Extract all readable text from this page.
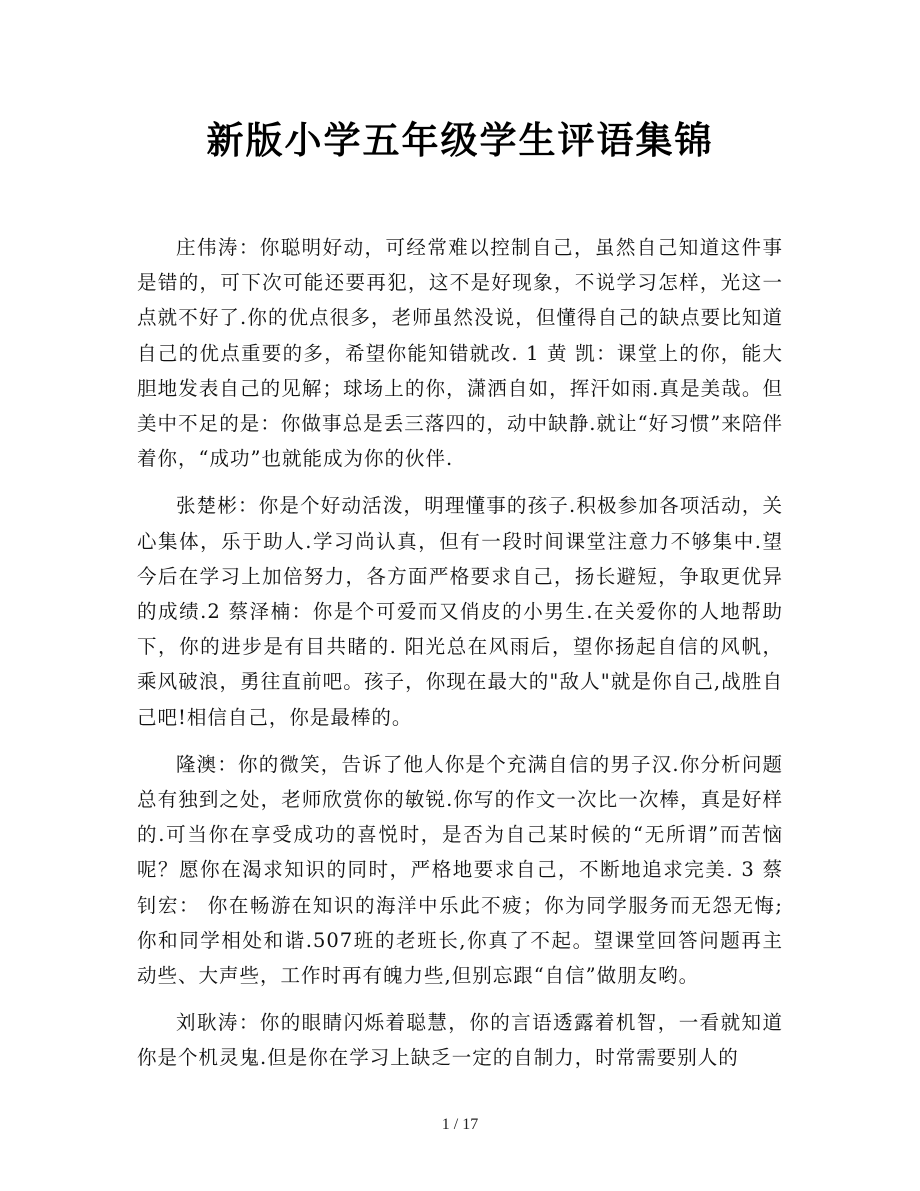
新版小学五年级学生评语集锦

庄伟涛：你聪明好动，可经常难以控制自己，虽然自己知道这件事是错的，可下次可能还要再犯，这不是好现象，不说学习怎样，光这一点就不好了.你的优点很多，老师虽然没说，但懂得自己的缺点要比知道自己的优点重要的多，希望你能知错就改. 1 黄 凯：课堂上的你，能大胆地发表自己的见解；球场上的你，潇洒自如，挥汗如雨.真是美哉。但美中不足的是：你做事总是丢三落四的，动中缺静.就让“好习惯”来陪伴着你，“成功”也就能成为你的伙伴.

张楚彬：你是个好动活泼，明理懂事的孩子.积极参加各项活动，关心集体，乐于助人.学习尚认真，但有一段时间课堂注意力不够集中.望今后在学习上加倍努力，各方面严格要求自己，扬长避短，争取更优异的成绩.2 蔡泽楠：你是个可爱而又俏皮的小男生.在关爱你的人地帮助下，你的进步是有目共睹的. 阳光总在风雨后，望你扬起自信的风帆，乘风破浪，勇往直前吧。孩子，你现在最大的"敌人"就是你自己,战胜自己吧!相信自己，你是最棒的。

隆澳：你的微笑，告诉了他人你是个充满自信的男子汉.你分析问题总有独到之处，老师欣赏你的敏锐.你写的作文一次比一次棒，真是好样的.可当你在享受成功的喜悦时，是否为自己某时候的“无所谓”而苦恼呢？愿你在渴求知识的同时，严格地要求自己，不断地追求完美. 3 蔡钊宏： 你在畅游在知识的海洋中乐此不疲；你为同学服务而无怨无悔;你和同学相处和谐.507班的老班长,你真了不起。望课堂回答问题再主动些、大声些，工作时再有魄力些,但别忘跟“自信”做朋友哟。

刘耿涛：你的眼睛闪烁着聪慧，你的言语透露着机智，一看就知道你是个机灵鬼.但是你在学习上缺乏一定的自制力，时常需要别人的

1 / 17
